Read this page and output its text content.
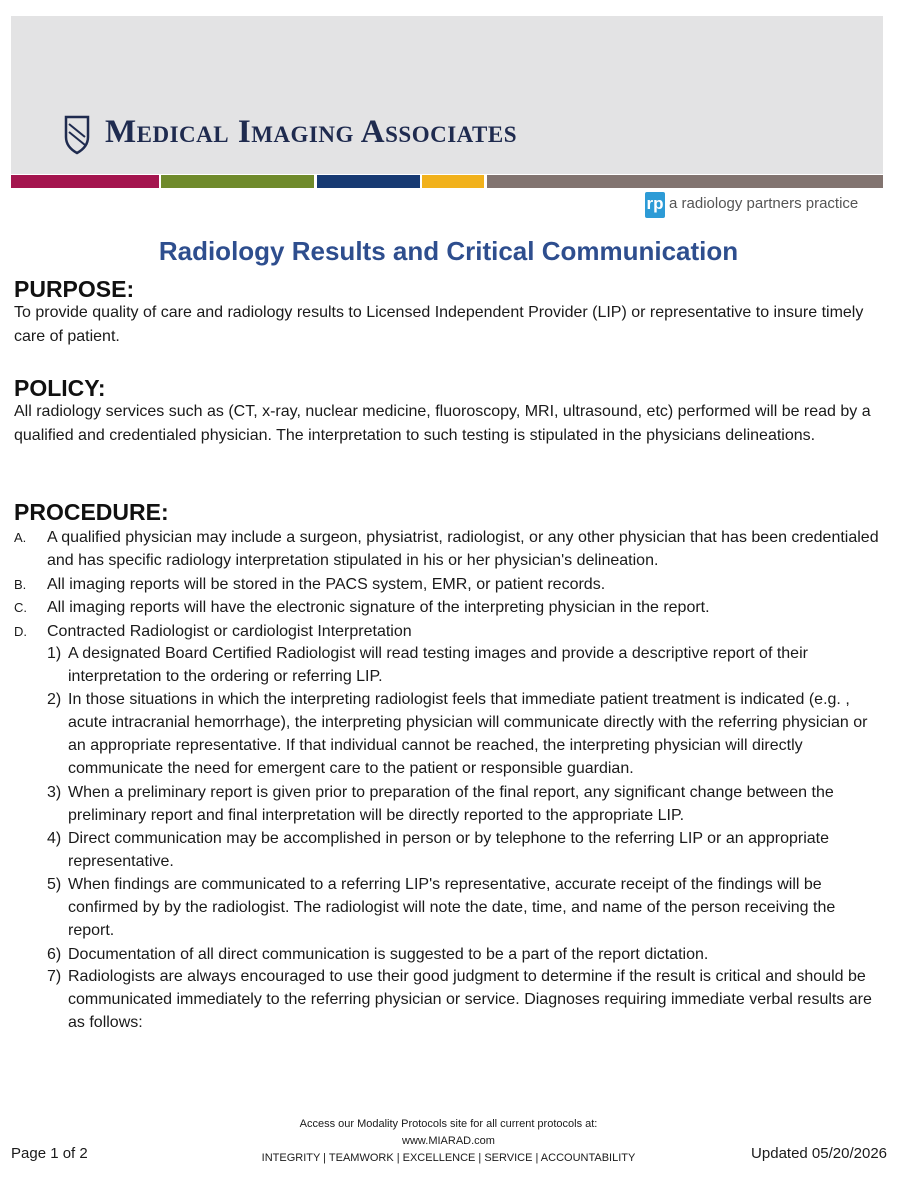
Medical Imaging Associates
rp a radiology partners practice
Radiology Results and Critical Communication
PURPOSE:

To provide quality of care and radiology results to Licensed Independent Provider (LIP) or representative to insure timely care of patient.

POLICY:

All radiology services such as (CT, x-ray, nuclear medicine, fluoroscopy, MRI, ultrasound, etc) performed will be read by a qualified and credentialed physician. The interpretation to such testing is stipulated in the physicians delineations.

PROCEDURE:
A. A qualified physician may include a surgeon, physiatrist, radiologist, or any other physician that has been credentialed and has specific radiology interpretation stipulated in his or her physician's delineation.
B. All imaging reports will be stored in the PACS system, EMR, or patient records.
C. All imaging reports will have the electronic signature of the interpreting physician in the report.
D. Contracted Radiologist or cardiologist Interpretation
1) A designated Board Certified Radiologist will read testing images and provide a descriptive report of their interpretation to the ordering or referring LIP.
2) In those situations in which the interpreting radiologist feels that immediate patient treatment is indicated (e.g. , acute intracranial hemorrhage), the interpreting physician will communicate directly with the referring physician or an appropriate representative. If that individual cannot be reached, the interpreting physician will directly communicate the need for emergent care to the patient or responsible guardian.
3) When a preliminary report is given prior to preparation of the final report, any significant change between the preliminary report and final interpretation will be directly reported to the appropriate LIP.
4) Direct communication may be accomplished in person or by telephone to the referring LIP or an appropriate representative.
5) When findings are communicated to a referring LIP's representative, accurate receipt of the findings will be confirmed by by the radiologist. The radiologist will note the date, time, and name of the person receiving the report.
6) Documentation of all direct communication is suggested to be a part of the report dictation.
7) Radiologists are always encouraged to use their good judgment to determine if the result is critical and should be communicated immediately to the referring physician or service. Diagnoses requiring immediate verbal results are as follows:

Access our Modality Protocols site for all current protocols at:

www.MIARAD.com

INTEGRITY | TEAMWORK | EXCELLENCE | SERVICE | ACCOUNTABILITY

Page 1 of 2	Updated 05/20/2026
